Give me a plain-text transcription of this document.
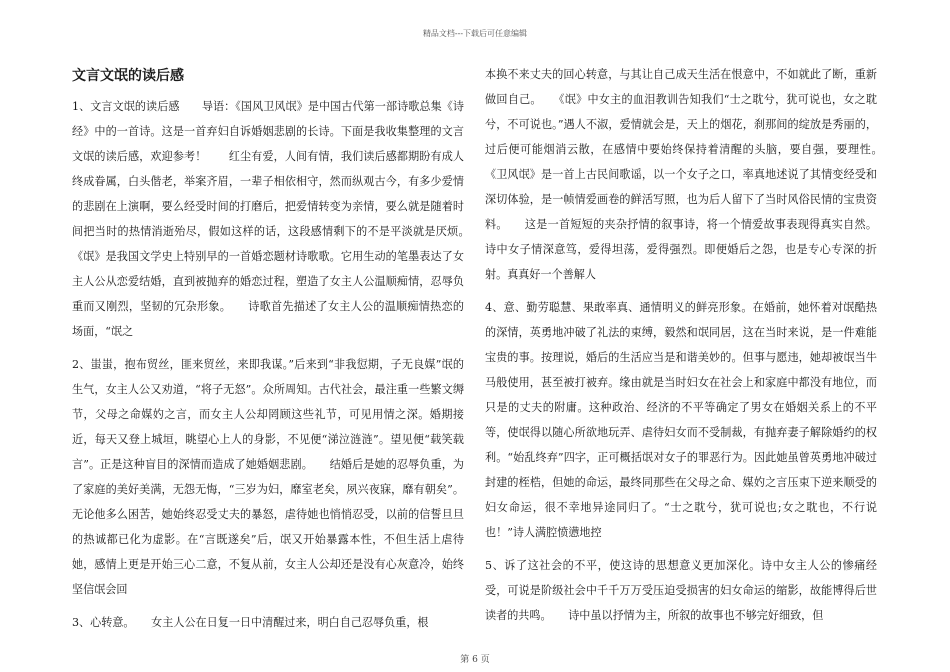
精品文档---下载后可任意编辑
文言文氓的读后感

1、文言文氓的读后感　　导语：《国风卫风氓》是中国古代第一部诗歌总集《诗经》中的一首诗。这是一首弃妇自诉婚姻悲剧的长诗。下面是我收集整理的文言文氓的读后感，欢迎参考！　　红尘有爱，人间有情，我们读后感都期盼有成人终成眷属，白头偕老，举案齐眉，一辈子相依相守，然而纵观古今，有多少爱情的悲剧在上演啊，要么经受时间的打磨后，把爱情转变为亲情，要么就是随着时间把当时的热情消逝殆尽，假如这样的话，这段感情剩下的不是平淡就是厌烦。　　《氓》是我国文学史上特别早的一首婚恋题材诗歌歌。它用生动的笔墨表达了女主人公从恋爱结婚，直到被抛弃的婚恋过程，塑造了女主人公温顺痴情，忍辱负重而又刚烈，坚韧的冗杂形象。　　诗歌首先描述了女主人公的温顺痴情热恋的场面，“氓之

2、蚩蚩，抱布贸丝，匪来贸丝，来即我谋。”后来到“非我愆期，子无良媒”氓的生气，女主人公又劝道，“将子无怒”。众所周知。古代社会，最注重一些繁文缛节，父母之命媒妁之言，而女主人公却罔顾这些礼节，可见用情之深。婚期接近，每天又登上城垣，眺望心上人的身影，不见便“涕泣涟涟”。望见便“载笑载言”。正是这种盲目的深情而造成了她婚姻悲剧。　　结婚后是她的忍辱负重，为了家庭的美好美满，无怨无悔，“三岁为妇，靡室老矣，夙兴夜寐，靡有朝矣”。无论他多么困苦，她始终忍受丈夫的暴怒，虐待她也悄悄忍受，以前的信誓旦旦的热诚都已化为虚影。在“言既遂矣”后，氓又开始暴露本性，不但生活上虐待她，感情上更是开始三心二意，不复从前，女主人公却还是没有心灰意冷，始终坚信氓会回

3、心转意。　　女主人公在日复一日中清醒过来，明白自己忍辱负重，根

本换不来丈夫的回心转意，与其让自己成天生活在恨意中，不如就此了断，重新做回自己。　　《氓》中女主的血泪教训告知我们“士之耽兮，犹可说也，女之耽兮，不可说也。”遇人不淑，爱情就会是，天上的烟花，刹那间的绽放是秀丽的，过后便可能烟消云散，在感情中要始终保持着清醒的头脑，要自强，要理性。　　《卫风氓》是一首上古民间歌谣，以一个女子之口，率真地述说了其情变经受和深切体验，是一帧情爱画卷的鲜活写照，也为后人留下了当时风俗民情的宝贵资料。　　这是一首短短的夹杂抒情的叙事诗，将一个情爱故事表现得真实自然。诗中女子情深意笃，爱得坦荡，爱得强烈。即便婚后之怨，也是专心专深的折射。真真好一个善解人

4、意、勤劳聪慧、果敢率真、通情明义的鲜亮形象。在婚前，她怀着对氓酷热的深情，英勇地冲破了礼法的束缚，毅然和氓同居，这在当时来说，是一件难能宝贵的事。按理说，婚后的生活应当是和谐美妙的。但事与愿违，她却被氓当牛马般使用，甚至被打被弃。缘由就是当时妇女在社会上和家庭中都没有地位，而只是的丈夫的附庸。这种政治、经济的不平等确定了男女在婚姻关系上的不平等，使氓得以随心所欲地玩弄、虐待妇女而不受制裁，有抛弃妻子解除婚约的权利。“始乱终弃”四字，正可概括氓对女子的罪恶行为。因此她虽曾英勇地冲破过封建的桎梏，但她的命运，最终同那些在父母之命、媒妁之言压束下逆来顺受的妇女命运，很不幸地异途同归了。“士之耽兮，犹可说也;女之耽也，不行说也！”诗人满腔愤懑地控

5、诉了这社会的不平，使这诗的思想意义更加深化。诗中女主人公的惨痛经受，可说是阶级社会中千千万万受压迫受损害的妇女命运的缩影，故能博得后世读者的共鸣。　　诗中虽以抒情为主，所叙的故事也不够完好细致，但

第 6 页
